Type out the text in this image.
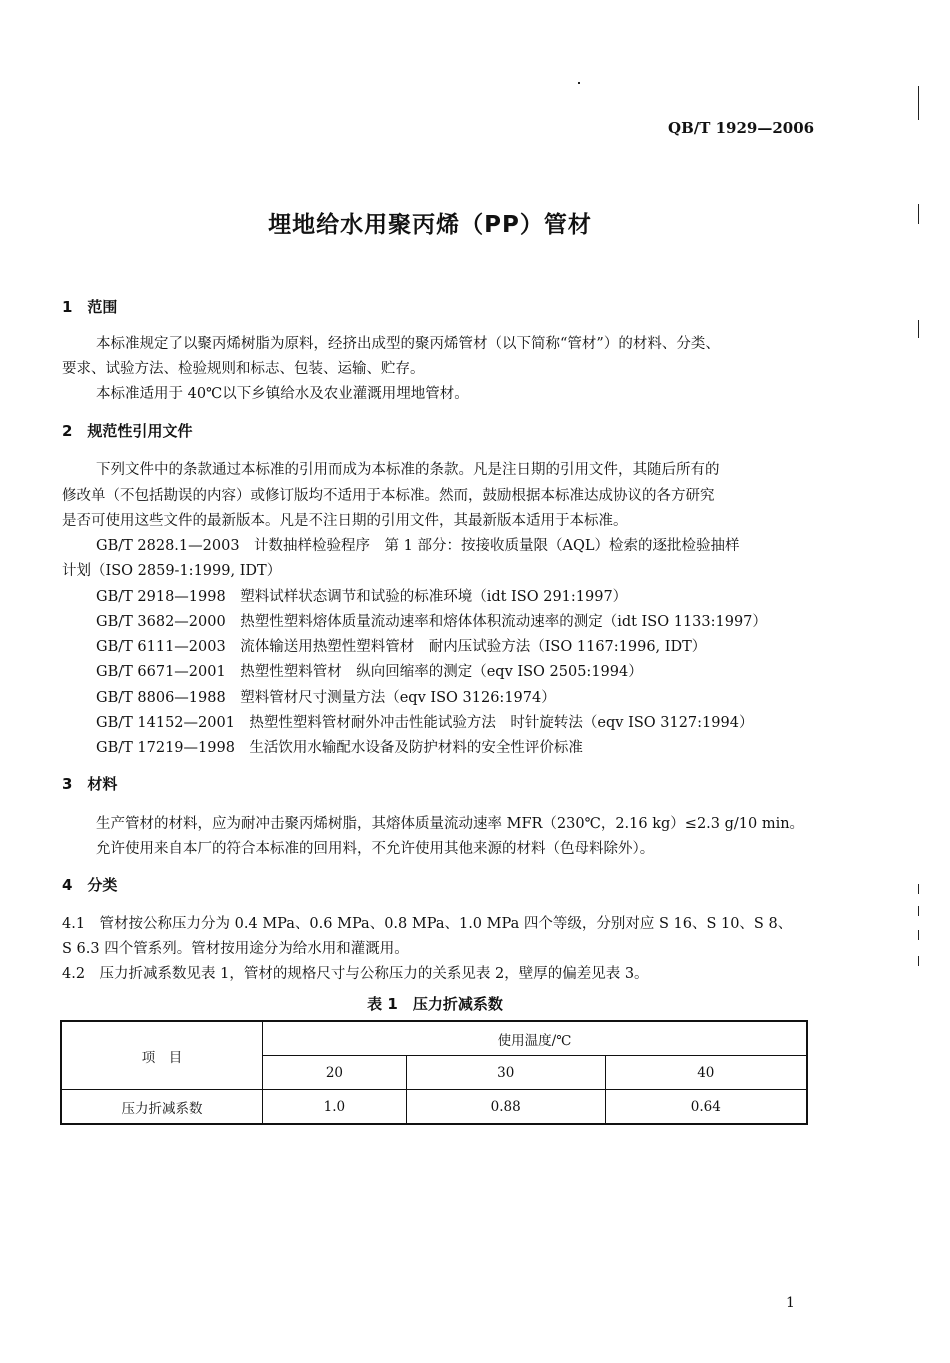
QB/T 1929—2006
埋地给水用聚丙烯（PP）管材
1　范围
本标准规定了以聚丙烯树脂为原料，经挤出成型的聚丙烯管材（以下简称“管材”）的材料、分类、
要求、试验方法、检验规则和标志、包装、运输、贮存。
本标准适用于 40℃以下乡镇给水及农业灌溉用埋地管材。
2　规范性引用文件
下列文件中的条款通过本标准的引用而成为本标准的条款。凡是注日期的引用文件，其随后所有的
修改单（不包括勘误的内容）或修订版均不适用于本标准。然而，鼓励根据本标准达成协议的各方研究
是否可使用这些文件的最新版本。凡是不注日期的引用文件，其最新版本适用于本标准。
GB/T 2828.1—2003　计数抽样检验程序　第 1 部分：按接收质量限（AQL）检索的逐批检验抽样
计划（ISO 2859-1:1999, IDT）
GB/T 2918—1998　塑料试样状态调节和试验的标准环境（idt ISO 291:1997）
GB/T 3682—2000　热塑性塑料熔体质量流动速率和熔体体积流动速率的测定（idt ISO 1133:1997）
GB/T 6111—2003　流体输送用热塑性塑料管材　耐内压试验方法（ISO 1167:1996, IDT）
GB/T 6671—2001　热塑性塑料管材　纵向回缩率的测定（eqv ISO 2505:1994）
GB/T 8806—1988　塑料管材尺寸测量方法（eqv ISO 3126:1974）
GB/T 14152—2001　热塑性塑料管材耐外冲击性能试验方法　时针旋转法（eqv ISO 3127:1994）
GB/T 17219—1998　生活饮用水输配水设备及防护材料的安全性评价标准
3　材料
生产管材的材料，应为耐冲击聚丙烯树脂，其熔体质量流动速率 MFR（230℃，2.16 kg）≤2.3 g/10 min。
允许使用来自本厂的符合本标准的回用料，不允许使用其他来源的材料（色母料除外）。
4　分类
4.1　管材按公称压力分为 0.4 MPa、0.6 MPa、0.8 MPa、1.0 MPa 四个等级，分别对应 S 16、S 10、S 8、
S 6.3 四个管系列。管材按用途分为给水用和灌溉用。
4.2　压力折减系数见表 1，管材的规格尺寸与公称压力的关系见表 2，壁厚的偏差见表 3。
表 1　压力折减系数
项　目	使用温度/℃		
	20	30	40
压力折减系数	1.0	0.88	0.64
1
